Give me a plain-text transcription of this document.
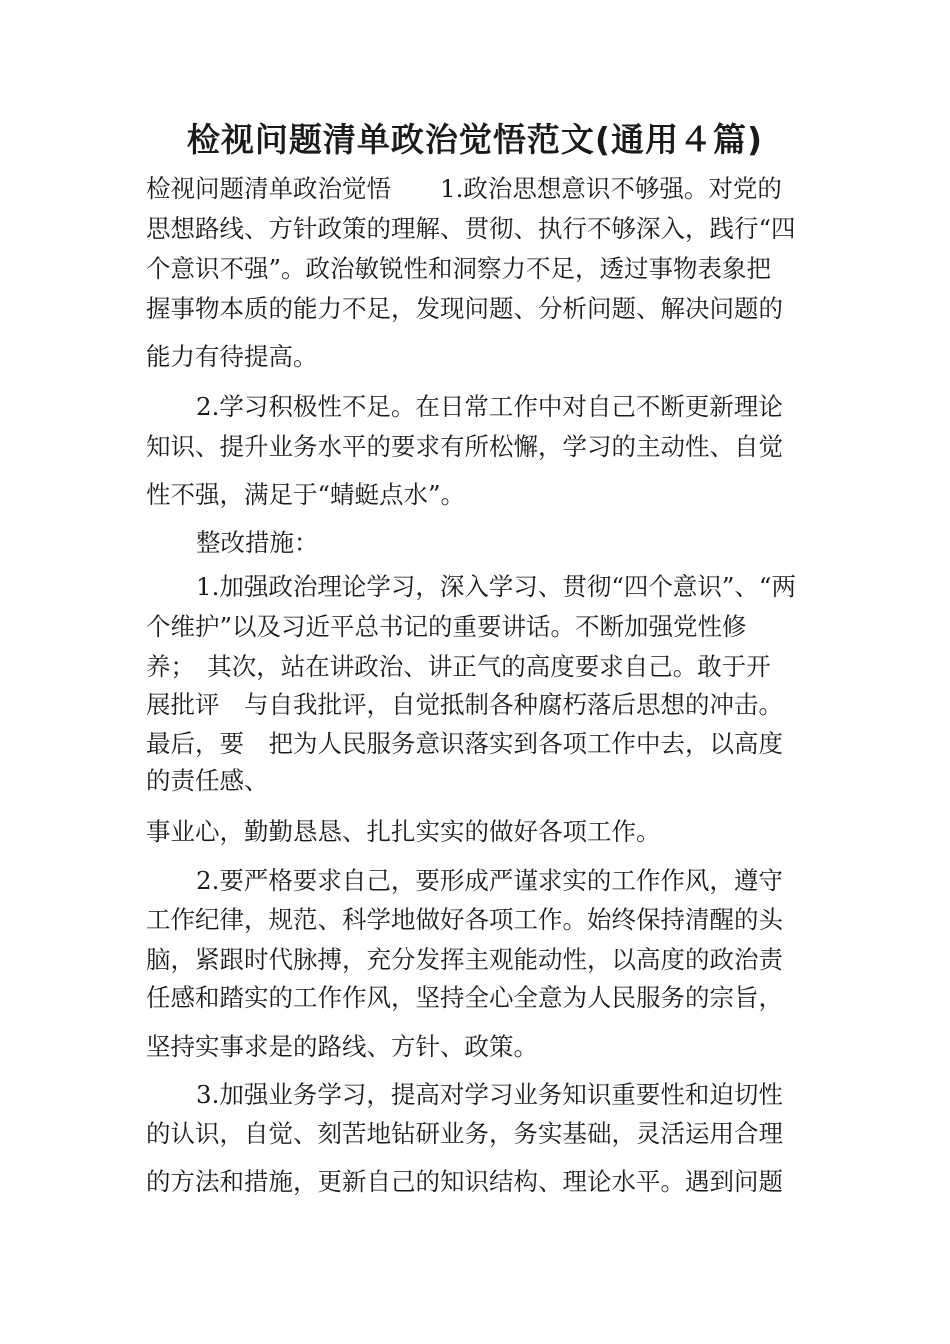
检视问题清单政治觉悟范文(通用４篇)
检视问题清单政治觉悟　　1.政治思想意识不够强。对党的
思想路线、方针政策的理解、贯彻、执行不够深入，践行“四
个意识不强”。政治敏锐性和洞察力不足，透过事物表象把
握事物本质的能力不足，发现问题、分析问题、解决问题的
能力有待提高。
2.学习积极性不足。在日常工作中对自己不断更新理论
知识、提升业务水平的要求有所松懈，学习的主动性、自觉
性不强，满足于“蜻蜓点水”。
整改措施：
1.加强政治理论学习，深入学习、贯彻“四个意识”、“两
个维护”以及习近平总书记的重要讲话。不断加强党性修
养；　其次，站在讲政治、讲正气的高度要求自己。敢于开
展批评　与自我批评，自觉抵制各种腐朽落后思想的冲击。
最后，要　把为人民服务意识落实到各项工作中去，以高度
的责任感、
事业心，勤勤恳恳、扎扎实实的做好各项工作。
2.要严格要求自己，要形成严谨求实的工作作风，遵守
工作纪律，规范、科学地做好各项工作。始终保持清醒的头
脑，紧跟时代脉搏，充分发挥主观能动性，以高度的政治责
任感和踏实的工作作风，坚持全心全意为人民服务的宗旨，
坚持实事求是的路线、方针、政策。
3.加强业务学习，提高对学习业务知识重要性和迫切性
的认识，自觉、刻苦地钻研业务，务实基础，灵活运用合理
的方法和措施，更新自己的知识结构、理论水平。遇到问题
